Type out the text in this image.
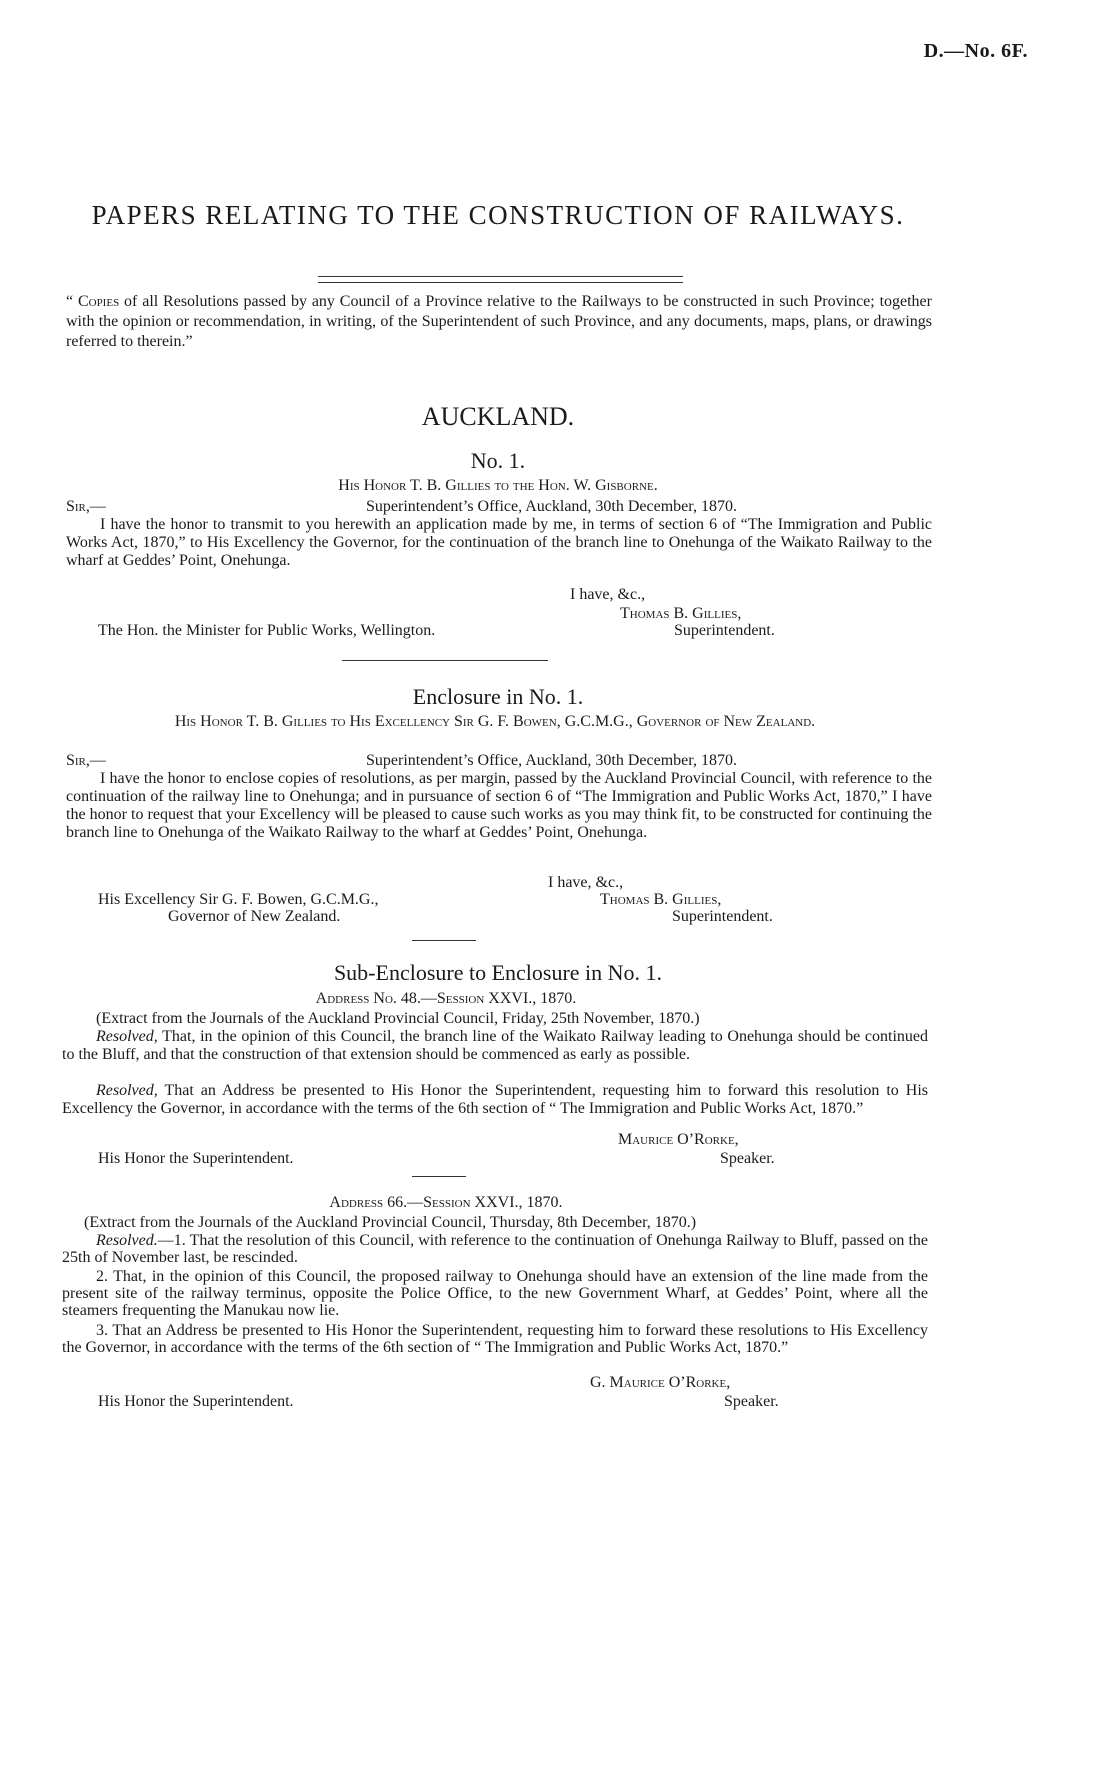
D.—No. 6F.

PAPERS RELATING TO THE CONSTRUCTION OF RAILWAYS.

“ Copies of all Resolutions passed by any Council of a Province relative to the Railways to be constructed in such Province; together with the opinion or recommendation, in writing, of the Superintendent of such Province, and any documents, maps, plans, or drawings referred to therein.”

AUCKLAND.

No. 1.

His Honor T. B. Gillies to the Hon. W. Gisborne.

Sir,—	Superintendent’s Office, Auckland, 30th December, 1870.

I have the honor to transmit to you herewith an application made by me, in terms of section 6 of “The Immigration and Public Works Act, 1870,” to His Excellency the Governor, for the continuation of the branch line to Onehunga of the Waikato Railway to the wharf at Geddes’ Point, Onehunga.

I have, &c.,

Thomas B. Gillies,

Superintendent.

The Hon. the Minister for Public Works, Wellington.

Enclosure in No. 1.

His Honor T. B. Gillies to His Excellency Sir G. F. Bowen, G.C.M.G., Governor of New Zealand.

Sir,—	Superintendent’s Office, Auckland, 30th December, 1870.

I have the honor to enclose copies of resolutions, as per margin, passed by the Auckland Provincial Council, with reference to the continuation of the railway line to Onehunga; and in pursuance of section 6 of “The Immigration and Public Works Act, 1870,” I have the honor to request that your Excellency will be pleased to cause such works as you may think fit, to be constructed for continuing the branch line to Onehunga of the Waikato Railway to the wharf at Geddes’ Point, Onehunga.

I have, &c.,

His Excellency Sir G. F. Bowen, G.C.M.G.,	Thomas B. Gillies,

Governor of New Zealand.	Superintendent.

Sub-Enclosure to Enclosure in No. 1.

Address No. 48.—Session XXVI., 1870.

(Extract from the Journals of the Auckland Provincial Council, Friday, 25th November, 1870.)

Resolved, That, in the opinion of this Council, the branch line of the Waikato Railway leading to Onehunga should be continued to the Bluff, and that the construction of that extension should be commenced as early as possible.

Resolved, That an Address be presented to His Honor the Superintendent, requesting him to forward this resolution to His Excellency the Governor, in accordance with the terms of the 6th section of “ The Immigration and Public Works Act, 1870.”

Maurice O’Rorke,

His Honor the Superintendent.	Speaker.

Address 66.—Session XXVI., 1870.

(Extract from the Journals of the Auckland Provincial Council, Thursday, 8th December, 1870.)

Resolved.—1. That the resolution of this Council, with reference to the continuation of Onehunga Railway to Bluff, passed on the 25th of November last, be rescinded.

2. That, in the opinion of this Council, the proposed railway to Onehunga should have an extension of the line made from the present site of the railway terminus, opposite the Police Office, to the new Government Wharf, at Geddes’ Point, where all the steamers frequenting the Manukau now lie.

3. That an Address be presented to His Honor the Superintendent, requesting him to forward these resolutions to His Excellency the Governor, in accordance with the terms of the 6th section of “ The Immigration and Public Works Act, 1870.”

G. Maurice O’Rorke,

His Honor the Superintendent.	Speaker.
